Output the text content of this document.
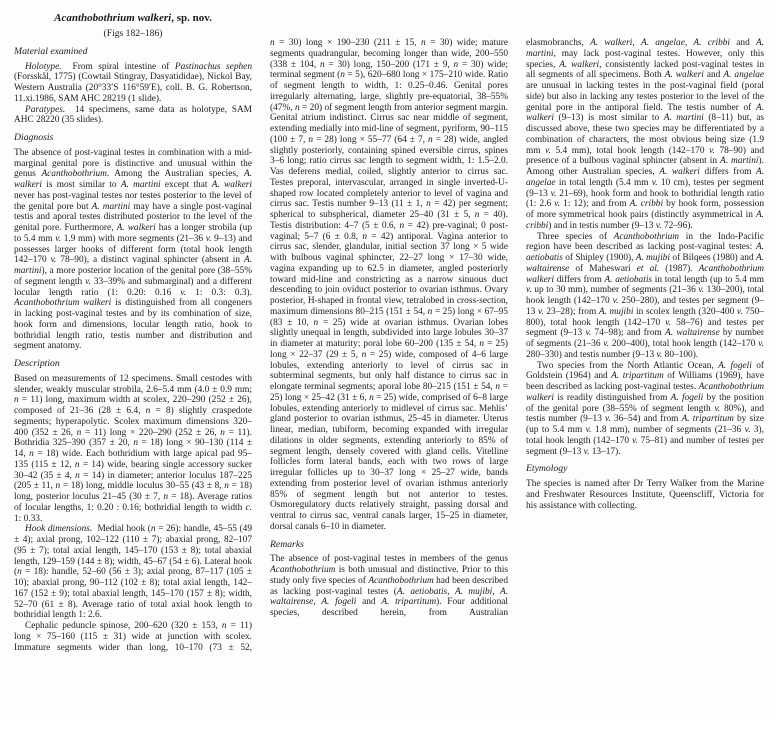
Acanthobothrium walkeri, sp. nov.
(Figs 182–186)
Material examined

Holotype.  From spiral intestine of Pastinachus sephen (Forsskål, 1775) (Cowtail Stingray, Dasyatididae), Nickol Bay, Western Australia (20°33′S 116°59′E), coll. B. G. Robertson, 11.xi.1986, SAM AHC 28219 (1 slide).

Paratypes.  14 specimens, same data as holotype, SAM AHC 28220 (35 slides).

Diagnosis

The absence of post-vaginal testes in combination with a mid-marginal genital pore is distinctive and unusual within the genus Acanthobothrium. Among the Australian species, A. walkeri is most similar to A. martini except that A. walkeri never has post-vaginal testes nor testes posterior to the level of the genital pore but A. martini may have a single post-vaginal testis and aporal testes distributed posterior to the level of the genital pore. Furthermore, A. walkeri has a longer strobila (up to 5.4 mm v. 1.9 mm) with more segments (21–36 v. 9–13) and possesses larger hooks of different form (total hook length 142–170 v. 78–90), a distinct vaginal sphincter (absent in A. martini), a more posterior location of the genital pore (38–55% of segment length v. 33–39% and submarginal) and a different locular length ratio (1: 0.20: 0.16 v. 1: 0.3: 0.3). Acanthobothrium walkeri is distinguished from all congeners in lacking post-vaginal testes and by its combination of size, hook form and dimensions, locular length ratio, hook to bothridial length ratio, testis number and distribution and segment anatomy.

Description

Based on measurements of 12 specimens. Small cestodes with slender, weakly muscular strobila, 2.6–5.4 mm (4.0 ± 0.9 mm; n = 11) long, maximum width at scolex, 220–290 (252 ± 26), composed of 21–36 (28 ± 6.4, n = 8) slightly craspedote segments; hyperapolytic. Scolex maximum dimensions 320–400 (352 ± 26, n = 11) long × 220–290 (252 ± 26, n = 11). Bothridia 325–390 (357 ± 20, n = 18) long × 90–130 (114 ± 14, n = 18) wide. Each bothridium with large apical pad 95–135 (115 ± 12, n = 14) wide, bearing single accessory sucker 30–42 (35 ± 4, n = 14) in diameter; anterior loculus 187–225 (205 ± 11, n = 18) long, middle loculus 30–55 (43 ± 8, n = 18) long, posterior loculus 21–45 (30 ± 7, n = 18). Average ratios of locular lengths, 1: 0.20 : 0.16; bothridial length to width c. 1: 0.33.

Hook dimensions.  Medial hook (n = 26): handle, 45–55 (49 ± 4); axial prong, 102–122 (110 ± 7); abaxial prong, 82–107 (95 ± 7); total axial length, 145–170 (153 ± 8); total abaxial length, 129–159 (144 ± 8); width, 45–67 (54 ± 6). Lateral hook (n = 18): handle, 52–60 (56 ± 3); axial prong, 87–117 (105 ± 10); abaxial prong, 90–112 (102 ± 8); total axial length, 142–167 (152 ± 9); total abaxial length, 145–170 (157 ± 8); width, 52–70 (61 ± 8). Average ratio of total axial hook length to bothridial length 1: 2.6.

Cephalic peduncle spinose, 200–620 (320 ± 153, n = 11) long × 75–160 (115 ± 31) wide at junction with scolex. Immature segments wider than long, 10–170 (73 ± 52,

n = 30) long × 190–230 (211 ± 15, n = 30) wide; mature segments quadrangular, becoming longer than wide, 200–550 (338 ± 104, n = 30) long, 150–200 (171 ± 9, n = 30) wide; terminal segment (n = 5), 620–680 long × 175–210 wide. Ratio of segment length to width, 1: 0.25–0.46. Genital pores irregularly alternating, large, slightly pre-equatorial, 38–55% (47%, n = 20) of segment length from anterior segment margin. Genital atrium indistinct. Cirrus sac near middle of segment, extending medially into mid-line of segment, pyriform, 90–115 (100 ± 7, n = 28) long × 55–77 (64 ± 7, n = 28) wide, angled slightly posteriorly, containing spined eversible cirrus, spines 3–6 long; ratio cirrus sac length to segment width, 1: 1.5–2.0. Vas deferens medial, coiled, slightly anterior to cirrus sac. Testes preporal, intervascular, arranged in single inverted-U-shaped row located completely anterior to level of vagina and cirrus sac. Testis number 9–13 (11 ± 1, n = 42) per segment; spherical to subspherical, diameter 25–40 (31 ± 5, n = 40). Testis distribution: 4–7 (5 ± 0.6, n = 42) pre-vaginal; 0 post-vaginal; 5–7 (6 ± 0.8, n = 42) antiporal. Vagina anterior to cirrus sac, slender, glandular, initial section 37 long × 5 wide with bulbous vaginal sphincter, 22–27 long × 17–30 wide, vagina expanding up to 62.5 in diameter, angled posteriorly toward mid-line and constricting as a narrow sinuous duct descending to join oviduct posterior to ovarian isthmus. Ovary posterior, H-shaped in frontal view, tetralobed in cross-section, maximum dimensions 80–215 (151 ± 54, n = 25) long × 67–95 (83 ± 10, n = 25) wide at ovarian isthmus. Ovarian lobes slightly unequal in length, subdivided into large lobules 30–37 in diameter at maturity; poral lobe 60–200 (135 ± 54, n = 25) long × 22–37 (29 ± 5, n = 25) wide, composed of 4–6 large lobules, extending anteriorly to level of cirrus sac in subterminal segments, but only half distance to cirrus sac in elongate terminal segments; aporal lobe 80–215 (151 ± 54, n = 25) long × 25–42 (31 ± 6, n = 25) wide, comprised of 6–8 large lobules, extending anteriorly to midlevel of cirrus sac. Mehlis’ gland posterior to ovarian isthmus, 25–45 in diameter. Uterus linear, median, tubiform, becoming expanded with irregular dilations in older segments, extending anteriorly to 85% of segment length, densely covered with gland cells. Vitelline follicles form lateral bands, each with two rows of large irregular follicles up to 30–37 long × 25–27 wide, bands extending from posterior level of ovarian isthmus anteriorly 85% of segment length but not anterior to testes. Osmoregulatory ducts relatively straight, passing dorsal and ventral to cirrus sac, ventral canals larger, 15–25 in diameter, dorsal canals 6–10 in diameter.

Remarks

The absence of post-vaginal testes in members of the genus Acanthobothrium is both unusual and distinctive. Prior to this study only five species of Acanthobothrium had been described as lacking post-vaginal testes (A. aetiobatis, A. mujibi, A. waltairense, A. fogeli and A. tripartitum). Four additional species, described herein, from Australian

elasmobranchs, A. walkeri, A. angelae, A. cribbi and A. martini, may lack post-vaginal testes. However, only this species, A. walkeri, consistently lacked post-vaginal testes in all segments of all specimens. Both A. walkeri and A. angelae are unusual in lacking testes in the post-vaginal field (poral side) but also in lacking any testes posterior to the level of the genital pore in the antiporal field. The testis number of A. walkeri (9–13) is most similar to A. martini (8–11) but, as discussed above, these two species may be differentiated by a combination of characters, the most obvious being size (1.9 mm v. 5.4 mm), total hook length (142–170 v. 78–90) and presence of a bulbous vaginal sphincter (absent in A. martini). Among other Australian species, A. walkeri differs from A. angelae in total length (5.4 mm v. 10 cm), testes per segment (9–13 v. 21–69), hook form and hook to bothridial length ratio (1: 2.6 v. 1: 12); and from A. cribbi by hook form, possession of more symmetrical hook pairs (distinctly asymmetrical in A. cribbi) and in testis number (9–13 v. 72–96).

Three species of Acanthobothrium in the Indo-Pacific region have been described as lacking post-vaginal testes: A. aetiobatis of Shipley (1900), A. mujibi of Bilqees (1980) and A. waltairense of Maheswari et al. (1987). Acanthobothrium walkeri differs from A. aetiobatis in total length (up to 5.4 mm v. up to 30 mm), number of segments (21–36 v. 130–200), total hook length (142–170 v. 250–280), and testes per segment (9–13 v. 23–28); from A. mujibi in scolex length (320–400 v. 750–800), total hook length (142–170 v. 58–76) and testes per segment (9–13 v. 74–98); and from A. waltairense by number of segments (21–36 v. 200–400), total hook length (142–170 v. 280–330) and testis number (9–13 v. 80–100).

Two species from the North Atlantic Ocean, A. fogeli of Goldstein (1964) and A. tripartitum of Williams (1969), have been described as lacking post-vaginal testes. Acanthobothrium walkeri is readily distinguished from A. fogeli by the position of the genital pore (38–55% of segment length v. 80%), and testis number (9–13 v. 36–54) and from A. tripartitum by size (up to 5.4 mm v. 1.8 mm), number of segments (21–36 v. 3), total hook length (142–170 v. 75–81) and number of testes per segment (9–13 v. 13–17).

Etymology

The species is named after Dr Terry Walker from the Marine and Freshwater Resources Institute, Queenscliff, Victoria for his assistance with collecting.
